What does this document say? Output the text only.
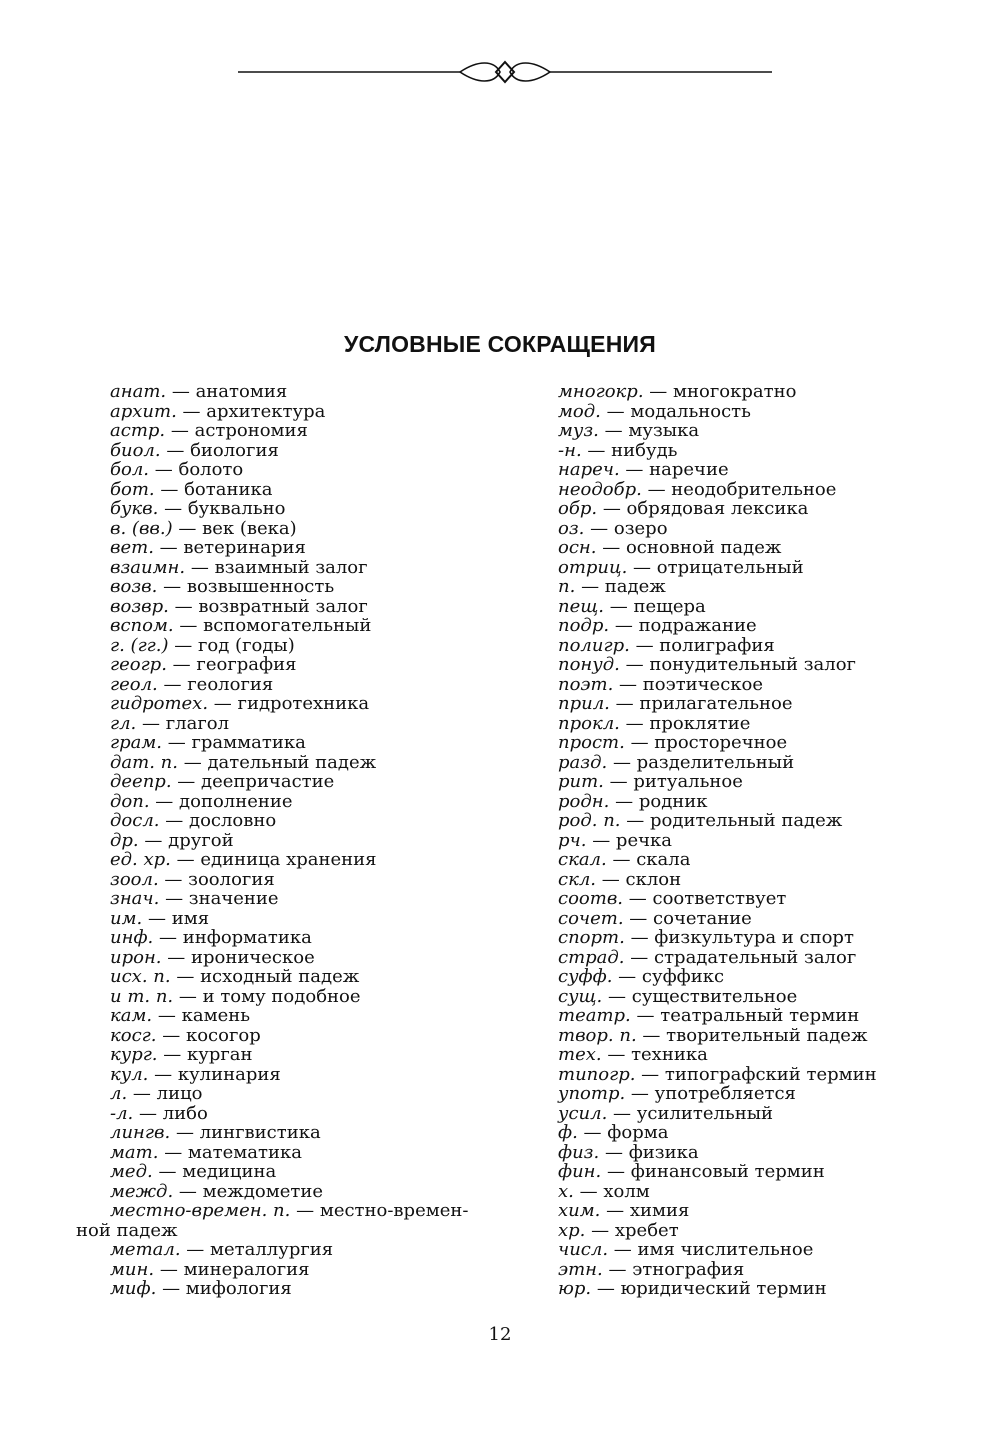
УСЛОВНЫЕ СОКРАЩЕНИЯ
анат. — анатомия
архит. — архитектура
астр. — астрономия
биол. — биология
бол. — болото
бот. — ботаника
букв. — буквально
в. (вв.) — век (века)
вет. — ветеринария
взаимн. — взаимный залог
возв. — возвышенность
возвр. — возвратный залог
вспом. — вспомогательный
г. (гг.) — год (годы)
геогр. — география
геол. — геология
гидротех. — гидротехника
гл. — глагол
грам. — грамматика
дат. п. — дательный падеж
деепр. — деепричастие
доп. — дополнение
досл. — дословно
др. — другой
ед. хр. — единица хранения
зоол. — зоология
знач. — значение
им. — имя
инф. — информатика
ирон. — ироническое
исх. п. — исходный падеж
и т. п. — и тому подобное
кам. — камень
косг. — косогор
кург. — курган
кул. — кулинария
л. — лицо
-л. — либо
лингв. — лингвистика
мат. — математика
мед. — медицина
межд. — междометие
местно-времен. п. — местно-времен-
ной падеж
метал. — металлургия
мин. — минералогия
миф. — мифология
многокр. — многократно
мод. — модальность
муз. — музыка
-н. — нибудь
нареч. — наречие
неодобр. — неодобрительное
обр. — обрядовая лексика
оз. — озеро
осн. — основной падеж
отриц. — отрицательный
п. — падеж
пещ. — пещера
подр. — подражание
полигр. — полиграфия
понуд. — понудительный залог
поэт. — поэтическое
прил. — прилагательное
прокл. — проклятие
прост. — просторечное
разд. — разделительный
рит. — ритуальное
родн. — родник
род. п. — родительный падеж
рч. — речка
скал. — скала
скл. — склон
соотв. — соответствует
сочет. — сочетание
спорт. — физкультура и спорт
страд. — страдательный залог
суфф. — суффикс
сущ. — существительное
театр. — театральный термин
твор. п. — творительный падеж
тех. — техника
типогр. — типографский термин
употр. — употребляется
усил. — усилительный
ф. — форма
физ. — физика
фин. — финансовый термин
х. — холм
хим. — химия
хр. — хребет
числ. — имя числительное
этн. — этнография
юр. — юридический термин
12
